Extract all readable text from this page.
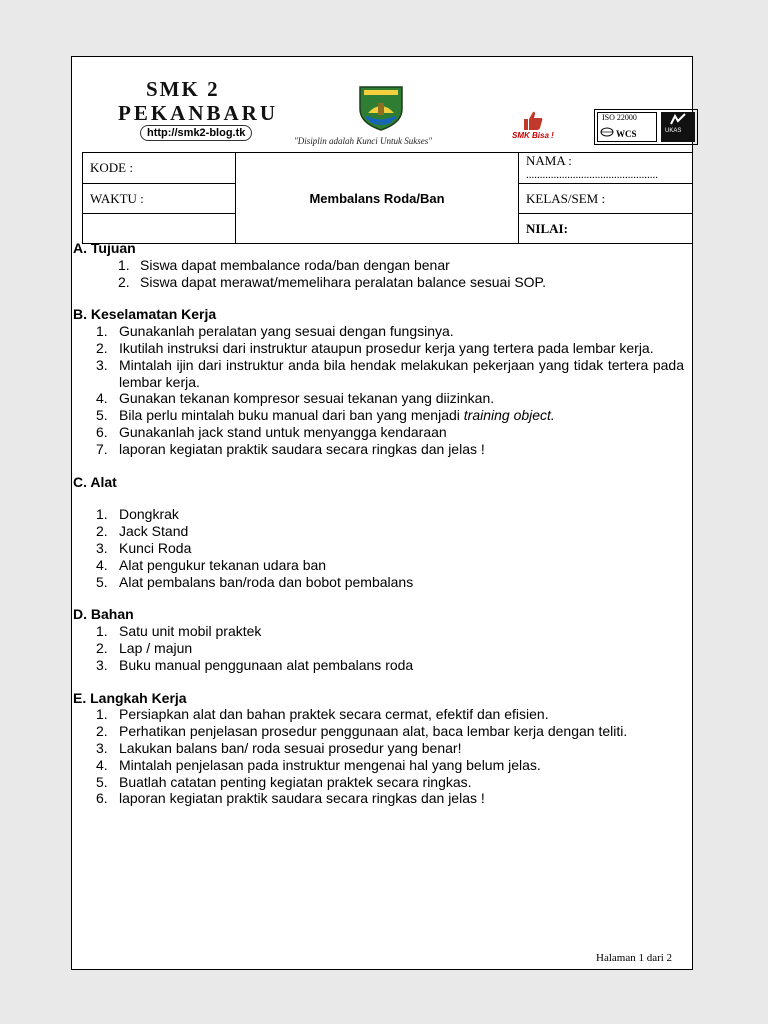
SMK 2
PEKANBARU
http://smk2-blog.tk
"Disiplin adalah Kunci Untuk Sukses"
SMK Bisa !
ISO 22000
WCS	UKAS
KODE :	Membalans Roda/Ban	NAMA :
................................................

WAKTU :		KELAS/SEM :
		NILAI:
A. Tujuan
1. Siswa dapat membalance roda/ban dengan benar
2. Siswa dapat merawat/memelihara peralatan balance sesuai SOP.
B. Keselamatan Kerja
1. Gunakanlah peralatan yang sesuai dengan fungsinya.
2. Ikutilah instruksi dari instruktur ataupun prosedur kerja yang tertera pada lembar kerja.
3. Mintalah ijin dari instruktur anda bila hendak melakukan pekerjaan yang tidak tertera pada lembar kerja.
4. Gunakan tekanan kompresor sesuai tekanan yang diizinkan.
5. Bila perlu mintalah buku manual dari ban yang menjadi training object.
6. Gunakanlah jack stand untuk menyangga kendaraan
7. laporan kegiatan praktik saudara secara ringkas dan jelas !
C. Alat
1. Dongkrak
2. Jack Stand
3. Kunci Roda
4. Alat pengukur tekanan udara ban
5. Alat pembalans ban/roda dan bobot pembalans
D. Bahan
1. Satu unit mobil praktek
2. Lap / majun
3. Buku manual penggunaan alat pembalans roda
E. Langkah Kerja
1. Persiapkan alat dan bahan praktek secara cermat, efektif dan efisien.
2. Perhatikan penjelasan prosedur penggunaan alat, baca lembar kerja dengan teliti.
3. Lakukan balans ban/ roda sesuai prosedur yang benar!
4. Mintalah penjelasan pada instruktur mengenai hal yang belum jelas.
5. Buatlah catatan penting kegiatan praktek secara ringkas.
6. laporan kegiatan praktik saudara secara ringkas dan jelas !
Halaman 1 dari 2
